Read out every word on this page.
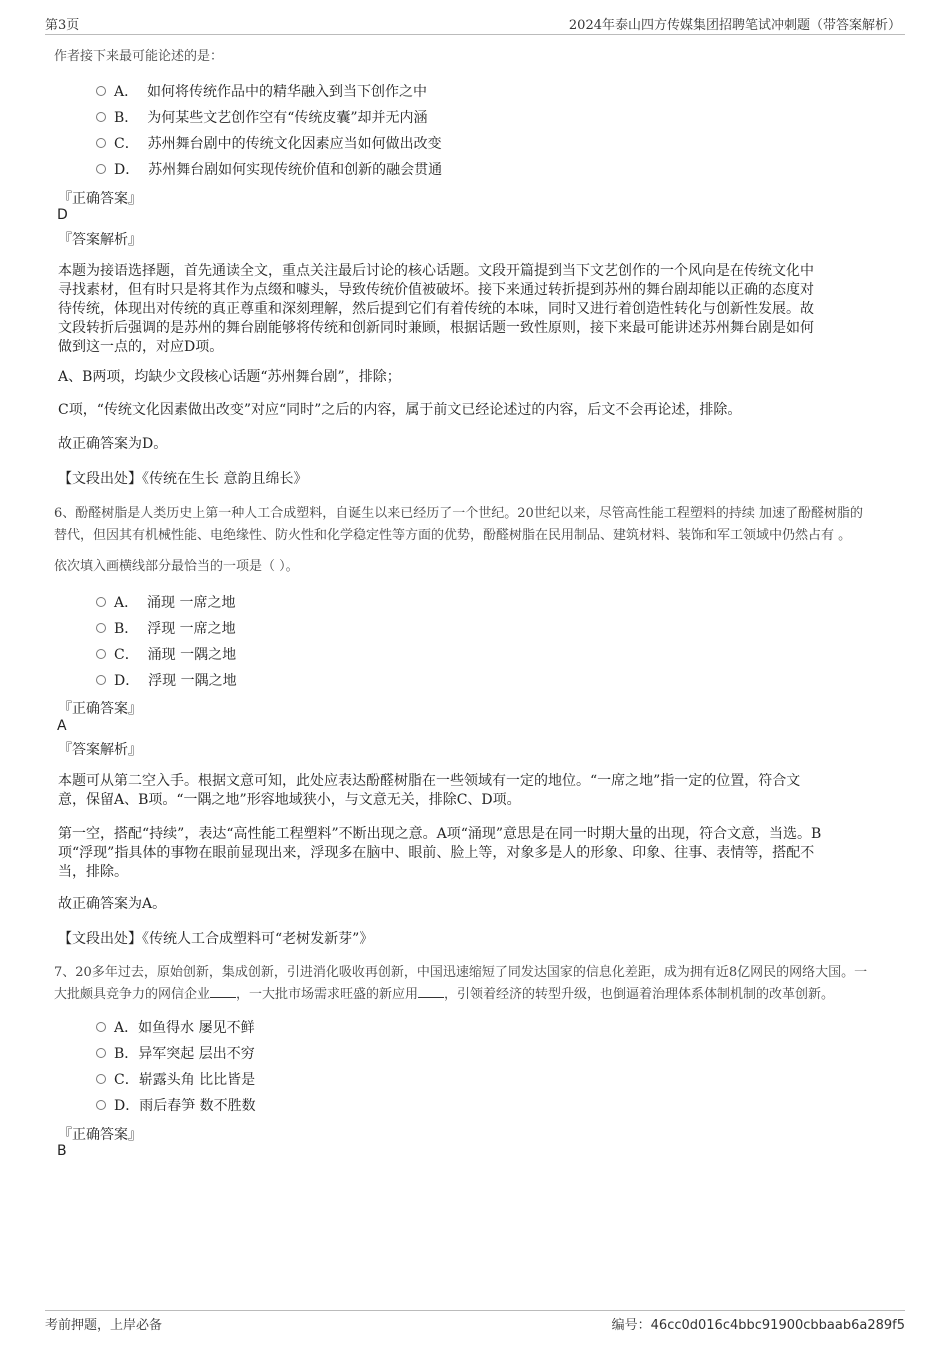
第3页	2024年泰山四方传媒集团招聘笔试冲刺题（带答案解析）
作者接下来最可能论述的是：
A． 如何将传统作品中的精华融入到当下创作之中
B． 为何某些文艺创作空有“传统皮囊”却并无内涵
C． 苏州舞台剧中的传统文化因素应当如何做出改变
D． 苏州舞台剧如何实现传统价值和创新的融会贯通
『正确答案』
D
『答案解析』
本题为接语选择题，首先通读全文，重点关注最后讨论的核心话题。文段开篇提到当下文艺创作的一个风向是在传统文化中
寻找素材，但有时只是将其作为点缀和噱头，导致传统价值被破坏。接下来通过转折提到苏州的舞台剧却能以正确的态度对
待传统，体现出对传统的真正尊重和深刻理解，然后提到它们有着传统的本味，同时又进行着创造性转化与创新性发展。故
文段转折后强调的是苏州的舞台剧能够将传统和创新同时兼顾，根据话题一致性原则，接下来最可能讲述苏州舞台剧是如何
做到这一点的，对应D项。
A、B两项，均缺少文段核心话题“苏州舞台剧”，排除；
C项，“传统文化因素做出改变”对应“同时”之后的内容，属于前文已经论述过的内容，后文不会再论述，排除。
故正确答案为D。
【文段出处】《传统在生长 意韵且绵长》
6、酚醛树脂是人类历史上第一种人工合成塑料，自诞生以来已经历了一个世纪。20世纪以来，尽管高性能工程塑料的持续 加速了酚醛树脂的
替代，但因其有机械性能、电绝缘性、防火性和化学稳定性等方面的优势，酚醛树脂在民用制品、建筑材料、装饰和军工领域中仍然占有 。
依次填入画横线部分最恰当的一项是（ ）。
A． 涌现 一席之地
B． 浮现 一席之地
C． 涌现 一隅之地
D． 浮现 一隅之地
『正确答案』
A
『答案解析』
本题可从第二空入手。根据文意可知，此处应表达酚醛树脂在一些领域有一定的地位。“一席之地”指一定的位置，符合文
意，保留A、B项。“一隅之地”形容地域狭小，与文意无关，排除C、D项。
第一空，搭配“持续”，表达“高性能工程塑料”不断出现之意。A项“涌现”意思是在同一时期大量的出现，符合文意，当选。B
项“浮现”指具体的事物在眼前显现出来，浮现多在脑中、眼前、脸上等，对象多是人的形象、印象、往事、表情等，搭配不
当，排除。
故正确答案为A。
【文段出处】《传统人工合成塑料可“老树发新芽”》
7、20多年过去，原始创新，集成创新，引进消化吸收再创新，中国迅速缩短了同发达国家的信息化差距，成为拥有近8亿网民的网络大国。一
大批颇具竞争力的网信企业 ，一大批市场需求旺盛的新应用 ，引领着经济的转型升级，也倒逼着治理体系体制机制的改革创新。
A．如鱼得水 屡见不鲜
B．异军突起 层出不穷
C．崭露头角 比比皆是
D．雨后春笋 数不胜数
『正确答案』
B
考前押题，上岸必备	编号：46cc0d016c4bbc91900cbbaab6a289f5
